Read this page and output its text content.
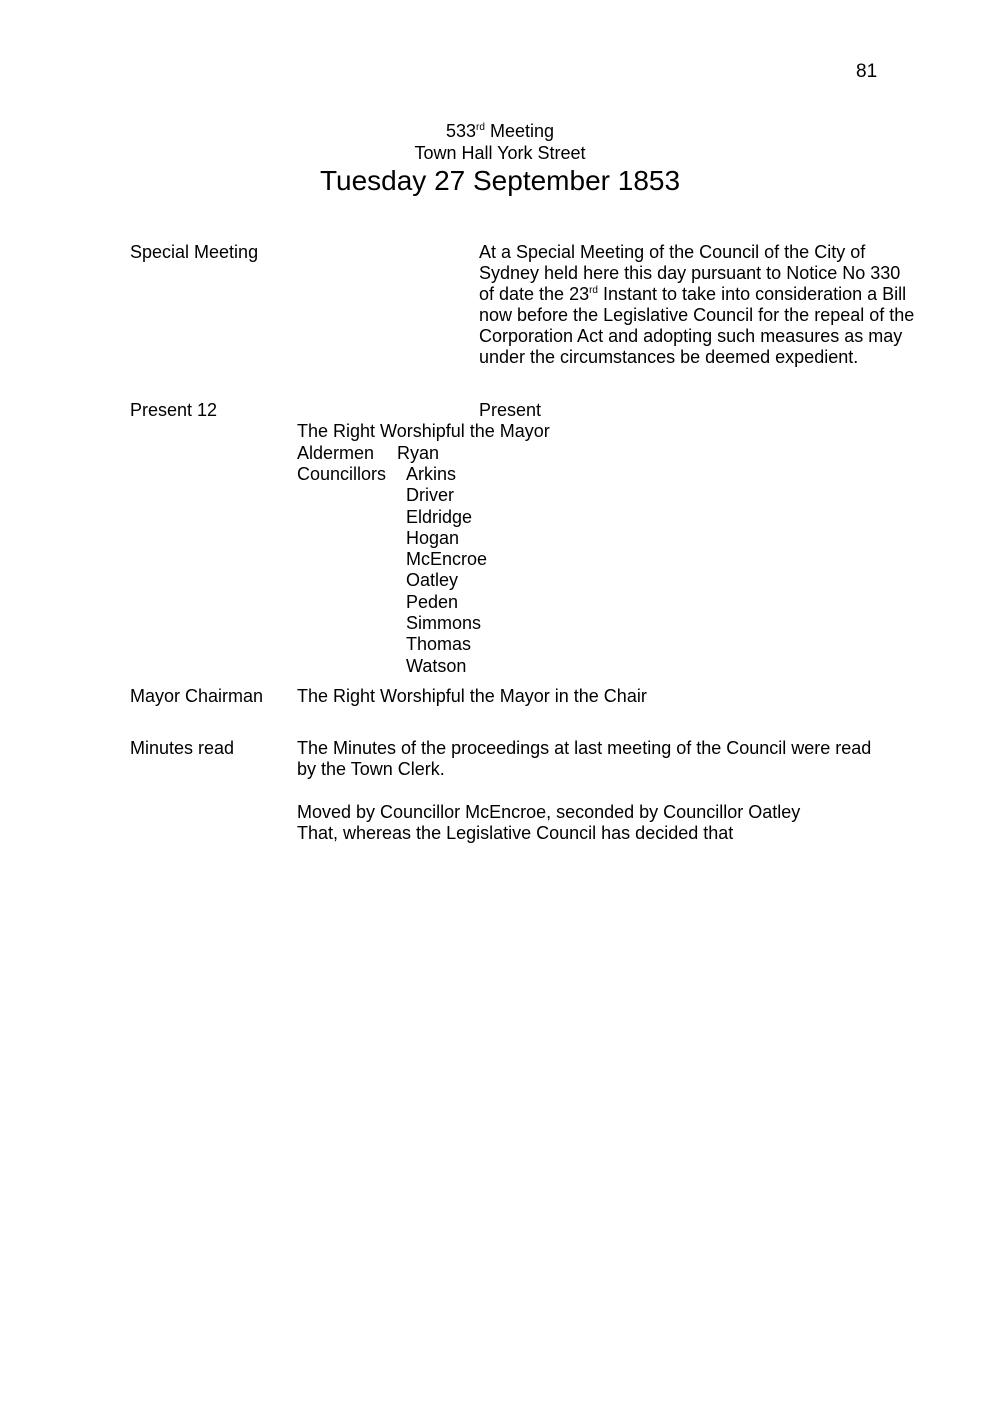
81
533rd Meeting
Town Hall York Street
Tuesday 27 September 1853
Special Meeting	At a Special Meeting of the Council of the City of Sydney held here this day pursuant to Notice No 330 of date the 23rd Instant to take into consideration a Bill now before the Legislative Council for the repeal of the Corporation Act and adopting such measures as may under the circumstances be deemed expedient.
Present 12	Present
The Right Worshipful the Mayor
Aldermen Ryan
Councillors Arkins
Driver
Eldridge
Hogan
McEncroe
Oatley
Peden
Simmons
Thomas
Watson
Mayor Chairman The Right Worshipful the Mayor in the Chair
Minutes read	The Minutes of the proceedings at last meeting of the Council were read
by the Town Clerk.
Moved by Councillor McEncroe, seconded by Councillor Oatley
That, whereas the Legislative Council has decided that
